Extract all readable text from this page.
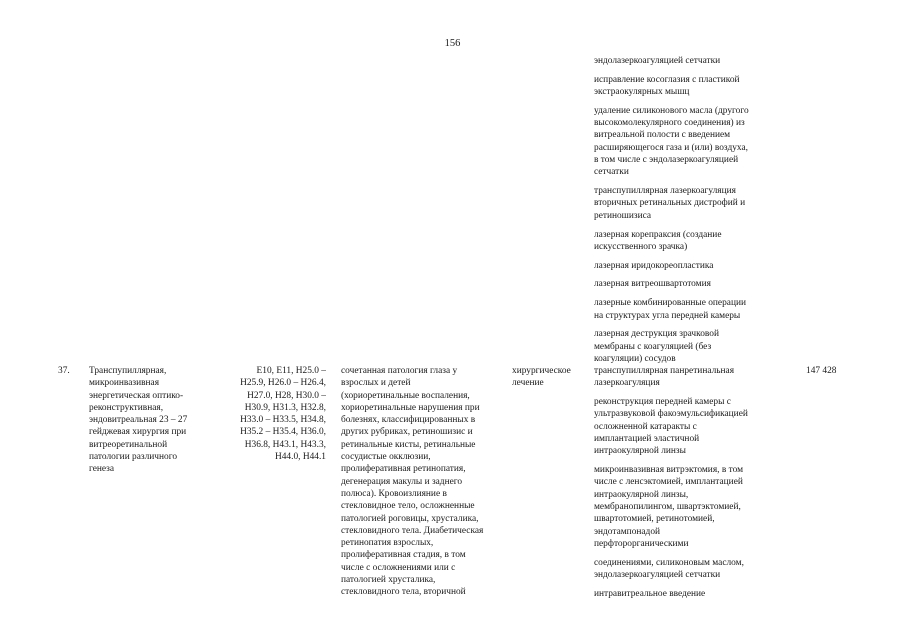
156
эндолазеркоагуляцией сетчатки
исправление косоглазия с пластикой
экстраокулярных мышц
удаление силиконового масла (другого
высокомолекулярного соединения) из
витреальной полости с введением
расширяющегося газа и (или) воздуха,
в том числе с эндолазеркоагуляцией
сетчатки
транспупиллярная лазеркоагуляция
вторичных ретинальных дистрофий и
ретиношизиса
лазерная корепраксия (создание
искусственного зрачка)
лазерная иридокореопластика
лазерная витреошвартотомия
лазерные комбинированные операции
на структурах угла передней камеры
лазерная деструкция зрачковой
мембраны с коагуляцией (без
коагуляции) сосудов
37. Транспупиллярная,
микроинвазивная
энергетическая оптико-
реконструктивная,
эндовитреальная 23 – 27
гейджевая хирургия при
витреоретинальной
патологии различного
генеза
E10, E11, H25.0 –
H25.9, H26.0 – H26.4,
H27.0, H28, H30.0 –
H30.9, H31.3, H32.8,
H33.0 – H33.5, H34.8,
H35.2 – H35.4, H36.0,
H36.8, H43.1, H43.3,
H44.0, H44.1
сочетанная патология глаза у
взрослых и детей
(хориоретинальные воспаления,
хориоретинальные нарушения при
болезнях, классифицированных в
других рубриках, ретиношизис и
ретинальные кисты, ретинальные
сосудистые окклюзии,
пролиферативная ретинопатия,
дегенерация макулы и заднего
полюса). Кровоизлияние в
стекловидное тело, осложненные
патологией роговицы, хрусталика,
стекловидного тела. Диабетическая
ретинопатия взрослых,
пролиферативная стадия, в том
числе с осложнениями или с
патологией хрусталика,
стекловидного тела, вторичной
хирургическое
лечение
транспупиллярная панретинальная
лазеркоагуляция
реконструкция передней камеры с
ультразвуковой факоэмульсификацией
осложненной катаракты с
имплантацией эластичной
интраокулярной линзы
микроинвазивная витрэктомия, в том
числе с ленсэктомией, имплантацией
интраокулярной линзы,
мембранопилингом, швартэктомией,
швартотомией, ретинотомией,
эндотампонадой
перфторорганическими

соединениями, силиконовым маслом,
эндолазеркоагуляцией сетчатки
интравитреальное введение
147 428
